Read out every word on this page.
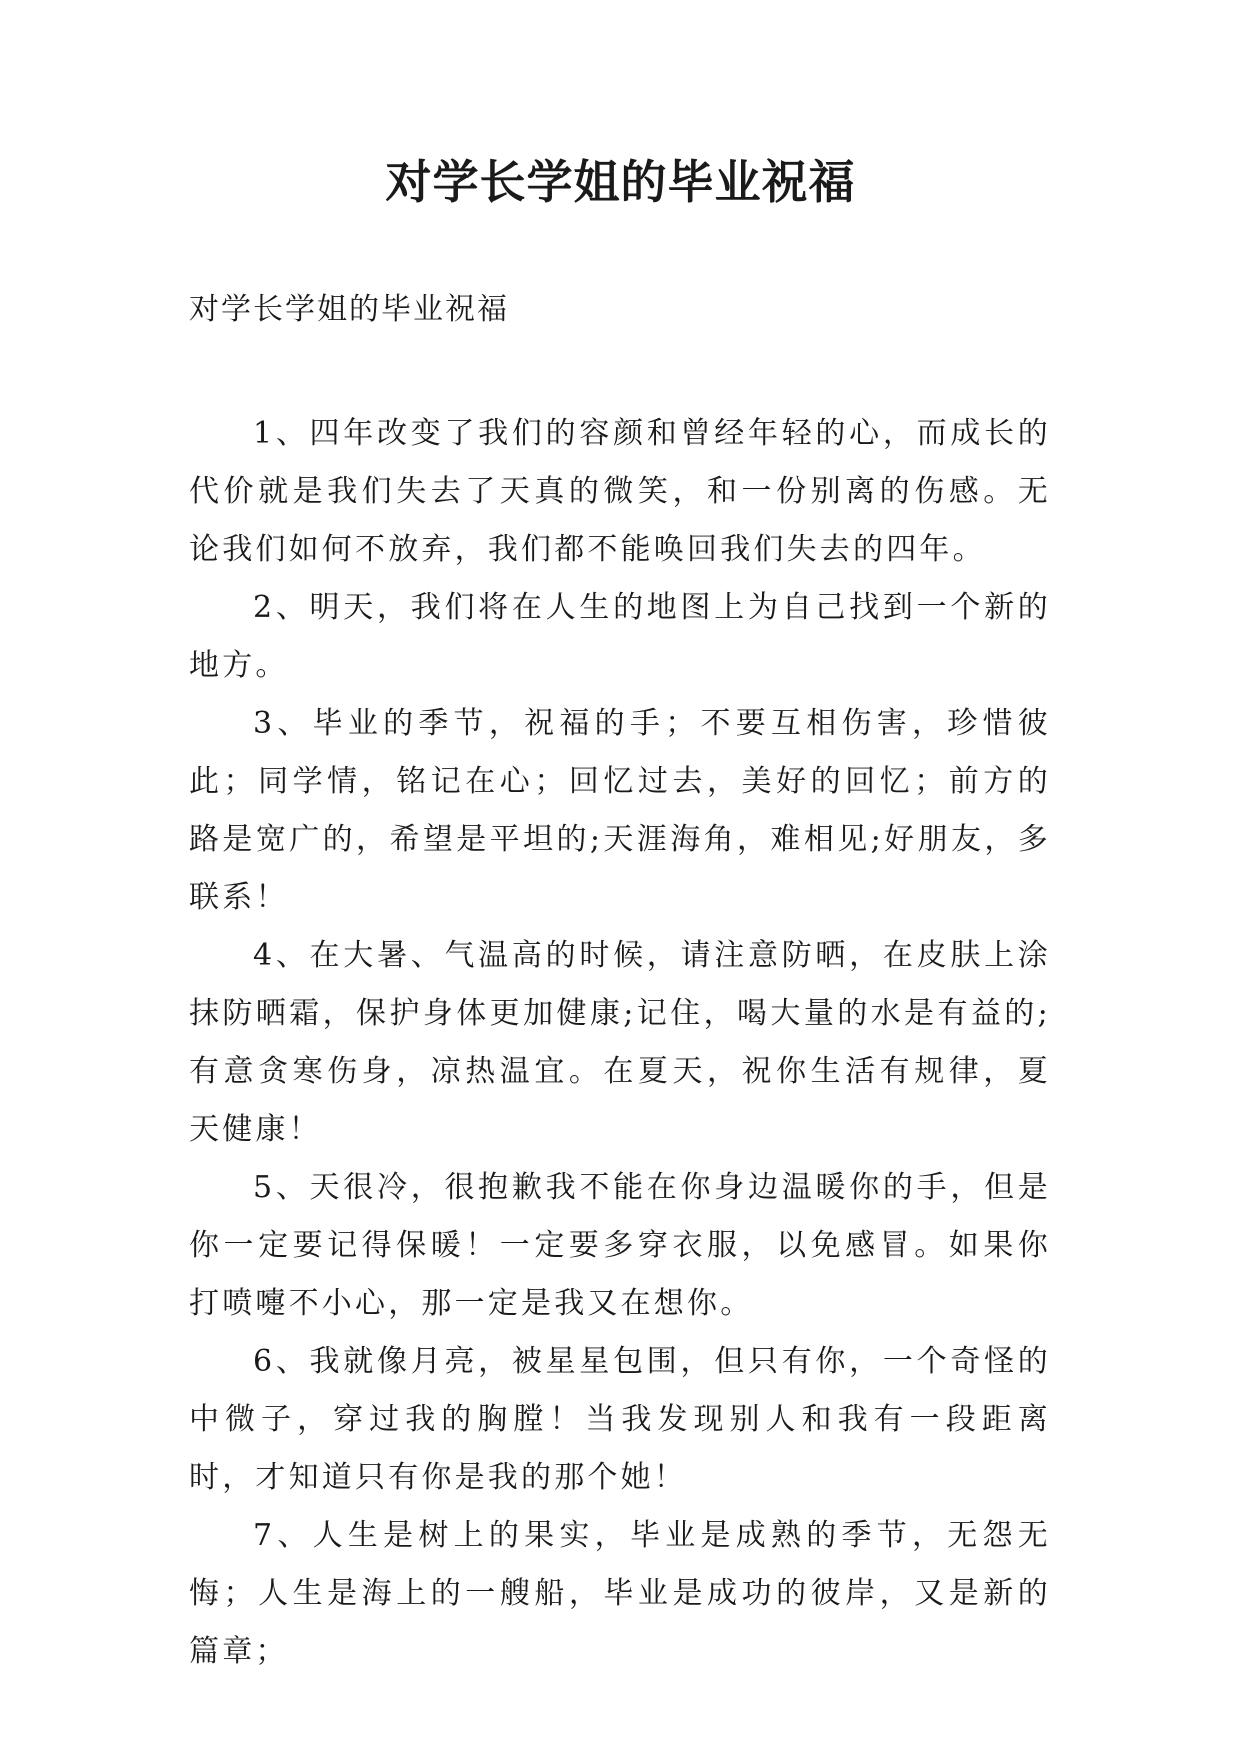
对学长学姐的毕业祝福

对学长学姐的毕业祝福

1、四年改变了我们的容颜和曾经年轻的心，而成长的代价就是我们失去了天真的微笑，和一份别离的伤感。无论我们如何不放弃，我们都不能唤回我们失去的四年。

2、明天，我们将在人生的地图上为自己找到一个新的地方。

3、毕业的季节，祝福的手；不要互相伤害，珍惜彼此；同学情，铭记在心；回忆过去，美好的回忆；前方的路是宽广的，希望是平坦的;天涯海角，难相见;好朋友，多联系！

4、在大暑、气温高的时候，请注意防晒，在皮肤上涂抹防晒霜，保护身体更加健康;记住，喝大量的水是有益的;有意贪寒伤身，凉热温宜。在夏天，祝你生活有规律，夏天健康！

5、天很冷，很抱歉我不能在你身边温暖你的手，但是你一定要记得保暖！一定要多穿衣服，以免感冒。如果你打喷嚏不小心，那一定是我又在想你。

6、我就像月亮，被星星包围，但只有你，一个奇怪的中微子，穿过我的胸膛！当我发现别人和我有一段距离时，才知道只有你是我的那个她！

7、人生是树上的果实，毕业是成熟的季节，无怨无悔；人生是海上的一艘船，毕业是成功的彼岸，又是新的篇章；
